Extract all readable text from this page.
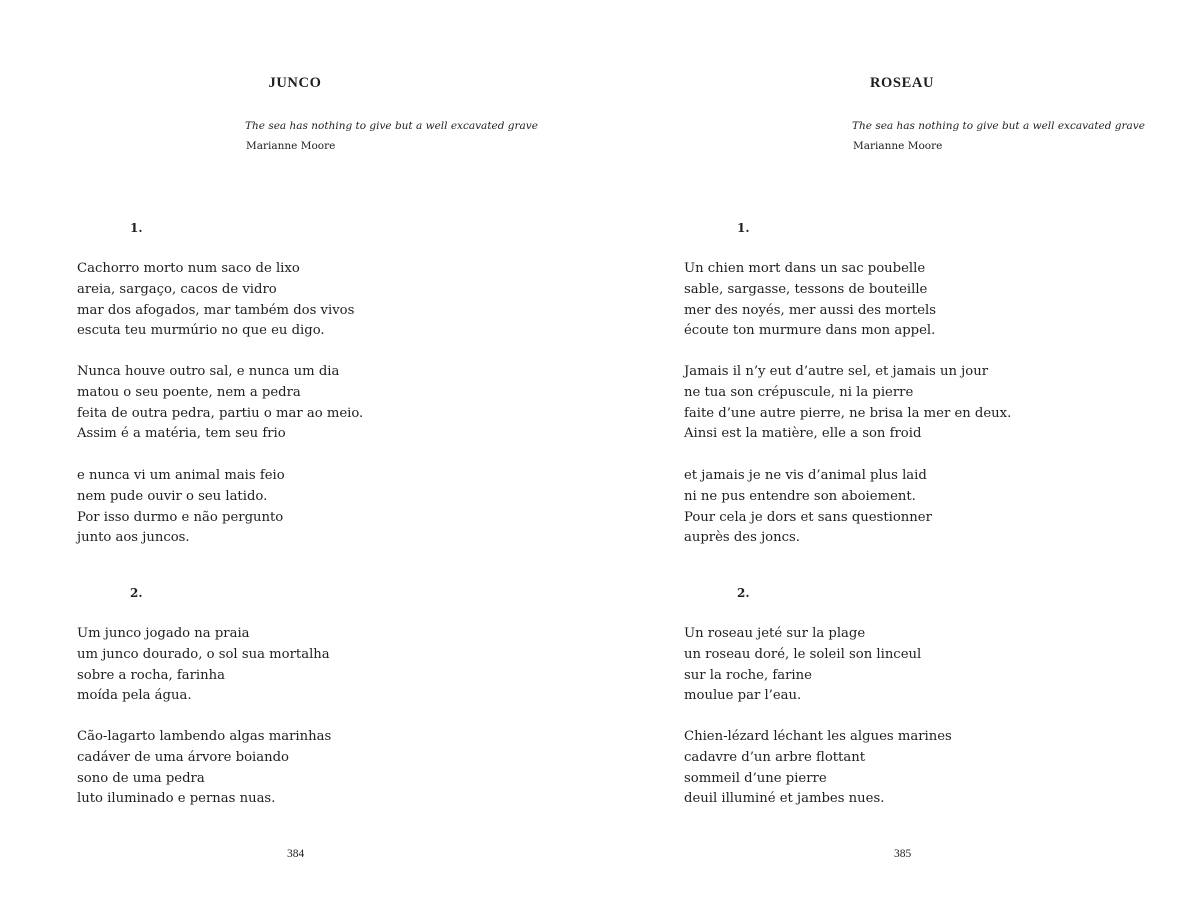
JUNCO
The sea has nothing to give but a well excavated grave
Marianne Moore

1.

Cachorro morto num saco de lixo
areia, sargaço, cacos de vidro
mar dos afogados, mar também dos vivos
escuta teu murmúrio no que eu digo.

Nunca houve outro sal, e nunca um dia
matou o seu poente, nem a pedra
feita de outra pedra, partiu o mar ao meio.
Assim é a matéria, tem seu frio

e nunca vi um animal mais feio
nem pude ouvir o seu latido.
Por isso durmo e não pergunto
junto aos juncos.

2.

Um junco jogado na praia
um junco dourado, o sol sua mortalha
sobre a rocha, farinha
moída pela água.

Cão-lagarto lambendo algas marinhas
cadáver de uma árvore boiando
sono de uma pedra
luto iluminado e pernas nuas.

384

ROSEAU
The sea has nothing to give but a well excavated grave
Marianne Moore

1.

Un chien mort dans un sac poubelle
sable, sargasse, tessons de bouteille
mer des noyés, mer aussi des mortels
écoute ton murmure dans mon appel.

Jamais il n’y eut d’autre sel, et jamais un jour
ne tua son crépuscule, ni la pierre
faite d’une autre pierre, ne brisa la mer en deux.
Ainsi est la matière, elle a son froid

et jamais je ne vis d’animal plus laid
ni ne pus entendre son aboiement.
Pour cela je dors et sans questionner
auprès des joncs.

2.

Un roseau jeté sur la plage
un roseau doré, le soleil son linceul
sur la roche, farine
moulue par l’eau.

Chien-lézard léchant les algues marines
cadavre d’un arbre flottant
sommeil d’une pierre
deuil illuminé et jambes nues.

385
